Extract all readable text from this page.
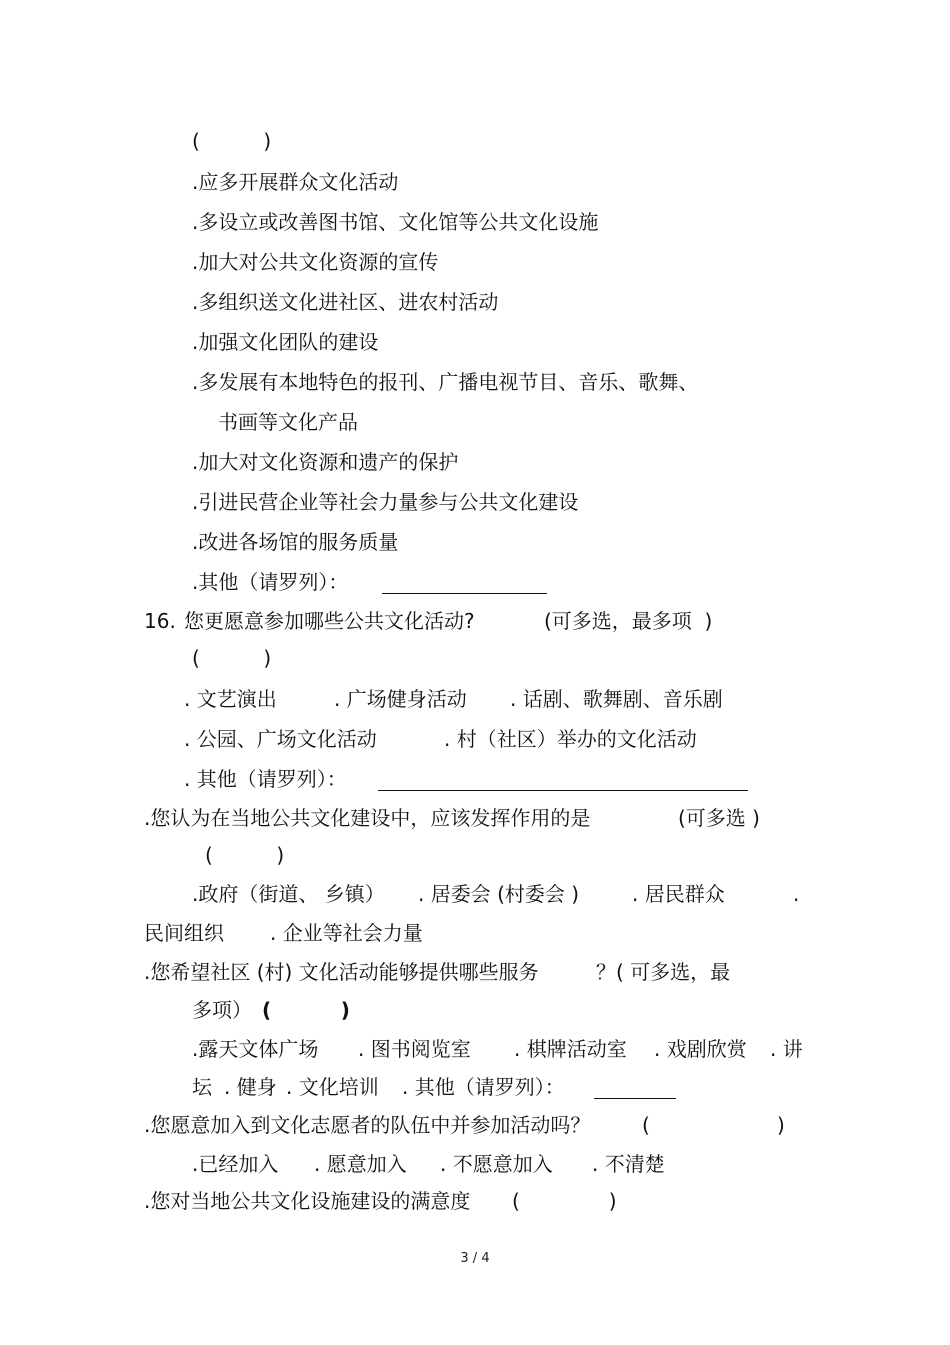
(          )
.应多开展群众文化活动
.多设立或改善图书馆、文化馆等公共文化设施
.加大对公共文化资源的宣传
.多组织送文化进社区、进农村活动
.加强文化团队的建设
.多发展有本地特色的报刊、广播电视节目、音乐、歌舞、
书画等文化产品
.加大对文化资源和遗产的保护
.引进民营企业等社会力量参与公共文化建设
.改进各场馆的服务质量
.其他（请罗列）：
16. 您更愿意参加哪些公共文化活动?	(可多选，最多项  )
(          )
. 文艺演出	. 广场健身活动 . 话剧、歌舞剧、音乐剧
. 公园、广场文化活动	. 村（社区）举办的文化活动
. 其他（请罗列）：
.您认为在当地公共文化建设中，应该发挥作用的是	(可多选 )
(          )
.政府（街道、 乡镇） . 居委会 (村委会 )	. 居民群众	.
民间组织 . 企业等社会力量
.您希望社区 (村) 文化活动能够提供哪些服务	？( 可多选，最
多项） (          )
.露天文体广场 . 图书阅览室 . 棋牌活动室 . 戏剧欣赏 . 讲
坛 . 健身 . 文化培训 . 其他（请罗列）：
.您愿意加入到文化志愿者的队伍中并参加活动吗？	(                    )
.已经加入 . 愿意加入 . 不愿意加入 . 不清楚
.您对当地公共文化设施建设的满意度 (              )
3 / 4
